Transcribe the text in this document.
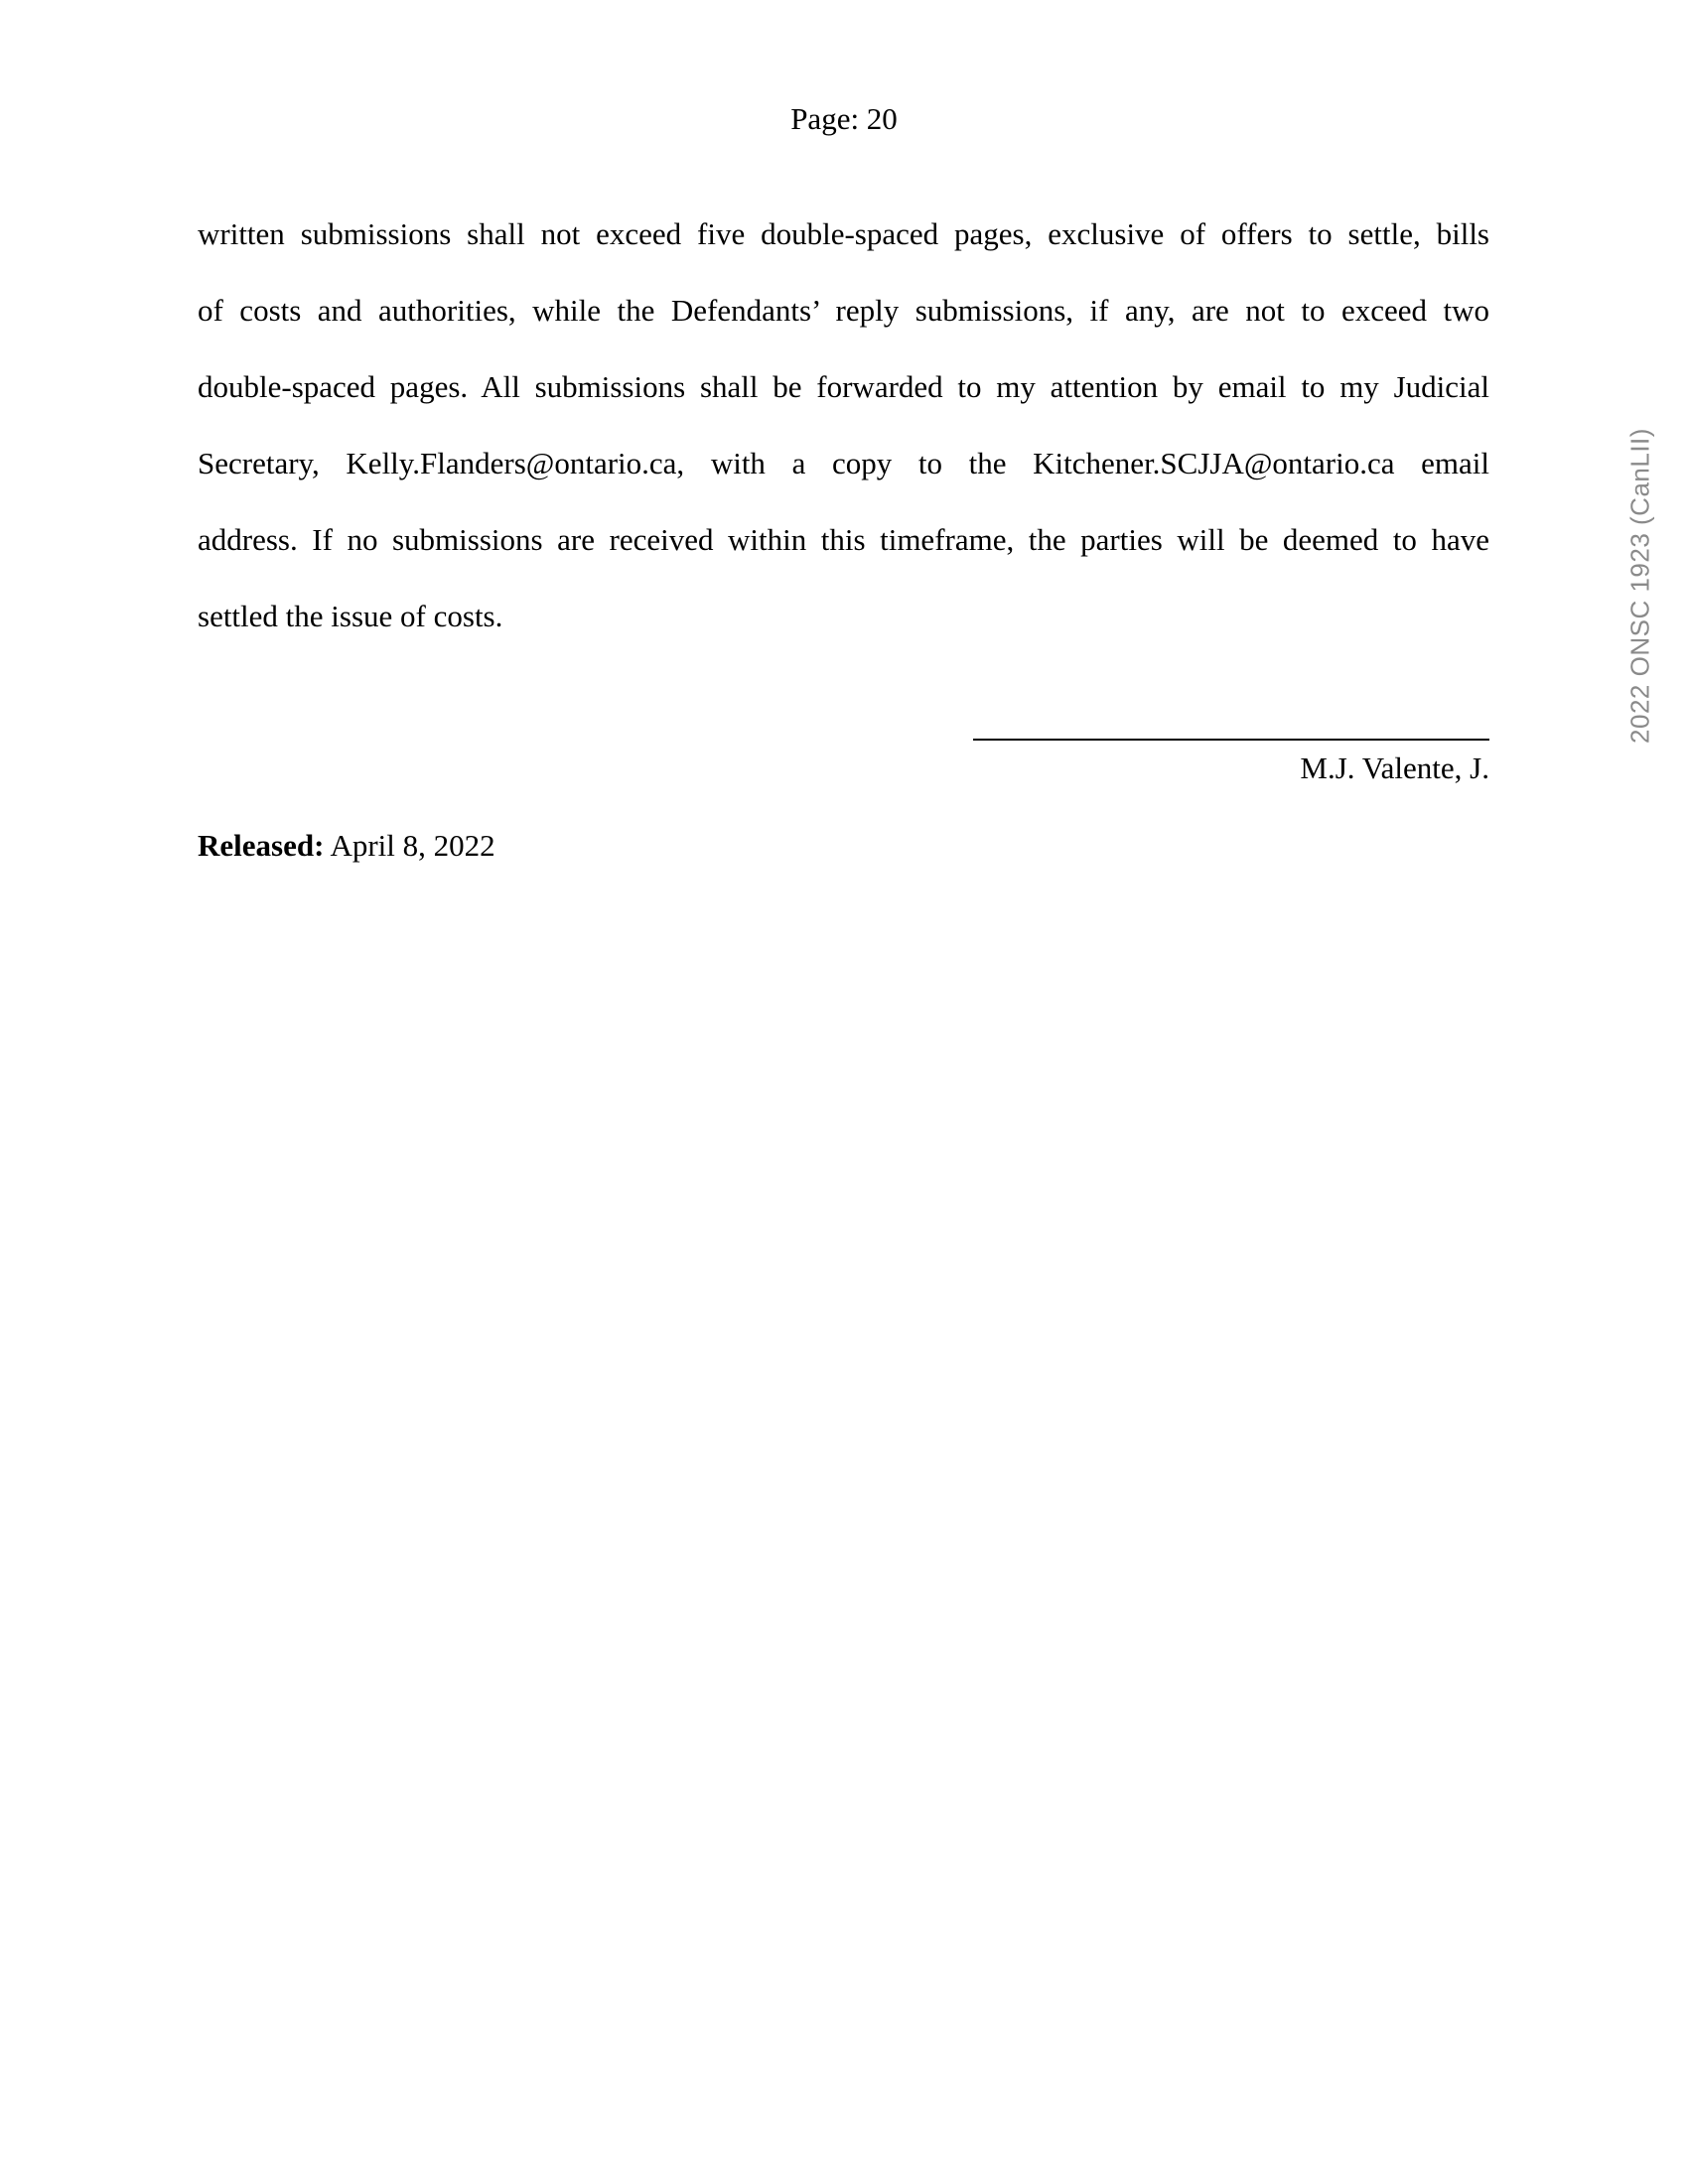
Page: 20
written submissions shall not exceed five double-spaced pages, exclusive of offers to settle, bills
of costs and authorities, while the Defendants’ reply submissions, if any, are not to exceed two
double-spaced pages. All submissions shall be forwarded to my attention by email to my Judicial
Secretary, Kelly.Flanders@ontario.ca, with a copy to the Kitchener.SCJJA@ontario.ca email
address. If no submissions are received within this timeframe, the parties will be deemed to have
settled the issue of costs.
M.J. Valente, J.
Released: April 8, 2022
2022 ONSC 1923 (CanLII)
